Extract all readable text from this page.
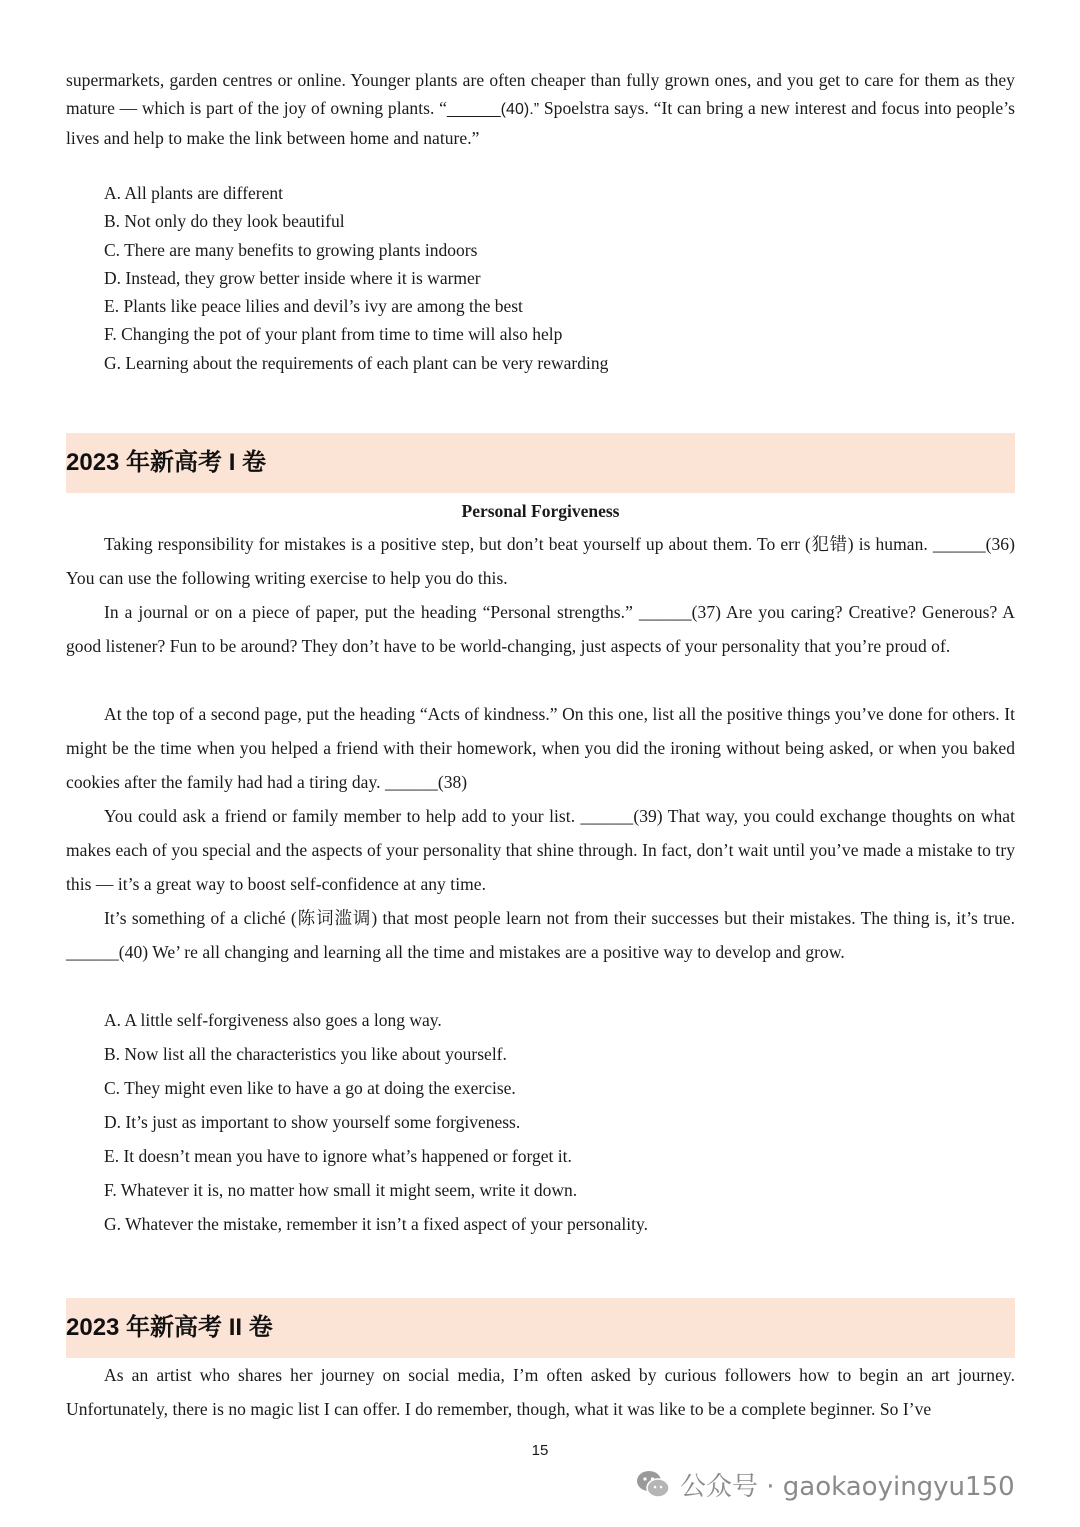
supermarkets, garden centres or online. Younger plants are often cheaper than fully grown ones, and you get to care for them as they mature — which is part of the joy of owning plants. “______(40).” Spoelstra says. “It can bring a new interest and focus into people’s lives and help to make the link between home and nature.”

A. All plants are different
B. Not only do they look beautiful
C. There are many benefits to growing plants indoors
D. Instead, they grow better inside where it is warmer
E. Plants like peace lilies and devil’s ivy are among the best
F. Changing the pot of your plant from time to time will also help
G. Learning about the requirements of each plant can be very rewarding
2023 年新高考 I 卷

Personal Forgiveness

Taking responsibility for mistakes is a positive step, but don’t beat yourself up about them. To err (犯错) is human. ______(36) You can use the following writing exercise to help you do this.

In a journal or on a piece of paper, put the heading “Personal strengths.” ______(37) Are you caring? Creative? Generous? A good listener? Fun to be around? They don’t have to be world-changing, just aspects of your personality that you’re proud of.

At the top of a second page, put the heading “Acts of kindness.” On this one, list all the positive things you’ve done for others. It might be the time when you helped a friend with their homework, when you did the ironing without being asked, or when you baked cookies after the family had had a tiring day. ______(38)

You could ask a friend or family member to help add to your list. ______(39) That way, you could exchange thoughts on what makes each of you special and the aspects of your personality that shine through. In fact, don’t wait until you’ve made a mistake to try this — it’s a great way to boost self-confidence at any time.

It’s something of a cliché (陈词滥调) that most people learn not from their successes but their mistakes. The thing is, it’s true. ______(40) We’ re all changing and learning all the time and mistakes are a positive way to develop and grow.

A. A little self-forgiveness also goes a long way.
B. Now list all the characteristics you like about yourself.
C. They might even like to have a go at doing the exercise.
D. It’s just as important to show yourself some forgiveness.
E. It doesn’t mean you have to ignore what’s happened or forget it.
F. Whatever it is, no matter how small it might seem, write it down.
G. Whatever the mistake, remember it isn’t a fixed aspect of your personality.
2023 年新高考 II 卷

As an artist who shares her journey on social media, I’m often asked by curious followers how to begin an art journey. Unfortunately, there is no magic list I can offer. I do remember, though, what it was like to be a complete beginner. So I’ve

15
公众号 · gaokaoyingyu150
